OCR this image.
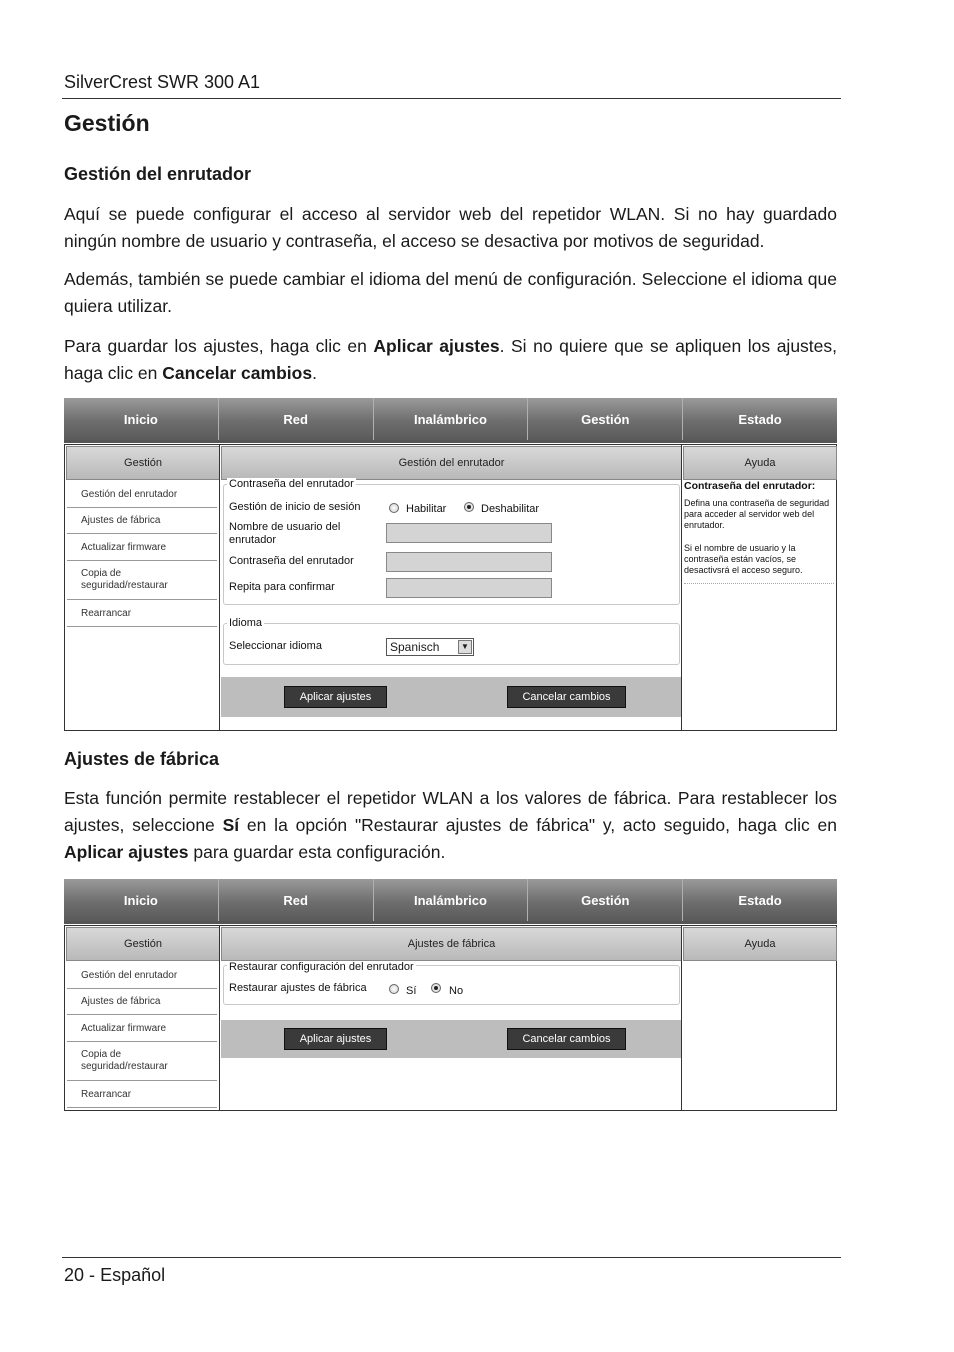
SilverCrest SWR 300 A1
Gestión
Gestión del enrutador
Aquí se puede configurar el acceso al servidor web del repetidor WLAN. Si no hay guardado ningún nombre de usuario y contraseña, el acceso se desactiva por motivos de seguridad.
Además, también se puede cambiar el idioma del menú de configuración. Seleccione el idioma que quiera utilizar.
Para guardar los ajustes, haga clic en Aplicar ajustes. Si no quiere que se apliquen los ajustes, haga clic en Cancelar cambios.
Inicio	Red	Inalámbrico	Gestión	Estado
Gestión
Gestión del enrutador
Ajustes de fábrica
Actualizar firmware
Copia de
seguridad/restaurar
Rearrancar
Gestión del enrutador
Contraseña del enrutador
Gestión de inicio de sesión	Habilitar	Deshabilitar
Nombre de usuario del enrutador
Contraseña del enrutador
Repita para confirmar
Idioma
Seleccionar idioma	Spanisch	▼
Aplicar ajustes	Cancelar cambios
Ayuda
Contraseña del enrutador:
Defina una contraseña de seguridad para acceder al servidor web del enrutador.
Si el nombre de usuario y la contraseña están vacíos, se desactivsrá el acceso seguro.
Ajustes de fábrica
Esta función permite restablecer el repetidor WLAN a los valores de fábrica. Para restablecer los ajustes, seleccione Sí en la opción "Restaurar ajustes de fábrica" y, acto seguido, haga clic en Aplicar ajustes para guardar esta configuración.
Inicio	Red	Inalámbrico	Gestión	Estado
Gestión
Gestión del enrutador
Ajustes de fábrica
Actualizar firmware
Copia de
seguridad/restaurar
Rearrancar
Ajustes de fábrica
Restaurar configuración del enrutador
Restaurar ajustes de fábrica	Sí	No
Aplicar ajustes	Cancelar cambios
Ayuda
20 - Español
